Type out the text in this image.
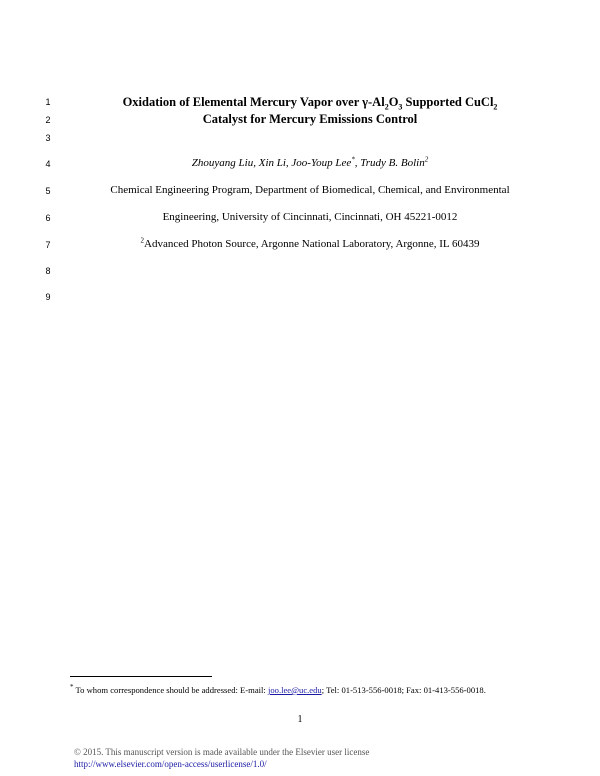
1
2
3
4
5
6
7
8
9
Oxidation of Elemental Mercury Vapor over $\gamma-Al_2O_3$ Supported CuCl$_2$
Catalyst for Mercury Emissions Control
Zhouyang Liu, Xin Li, Joo-Youp Lee*, Trudy B. Bolin$^2$
Chemical Engineering Program, Department of Biomedical, Chemical, and Environmental
Engineering, University of Cincinnati, Cincinnati, OH 45221-0012
$^2$Advanced Photon Source, Argonne National Laboratory, Argonne, IL 60439
* To whom correspondence should be addressed: E-mail: joo.lee@uc.edu; Tel: 01-513-556-0018; Fax: 01-413-556-0018.
1
© 2015. This manuscript version is made available under the Elsevier user license
http://www.elsevier.com/open-access/userlicense/1.0/
